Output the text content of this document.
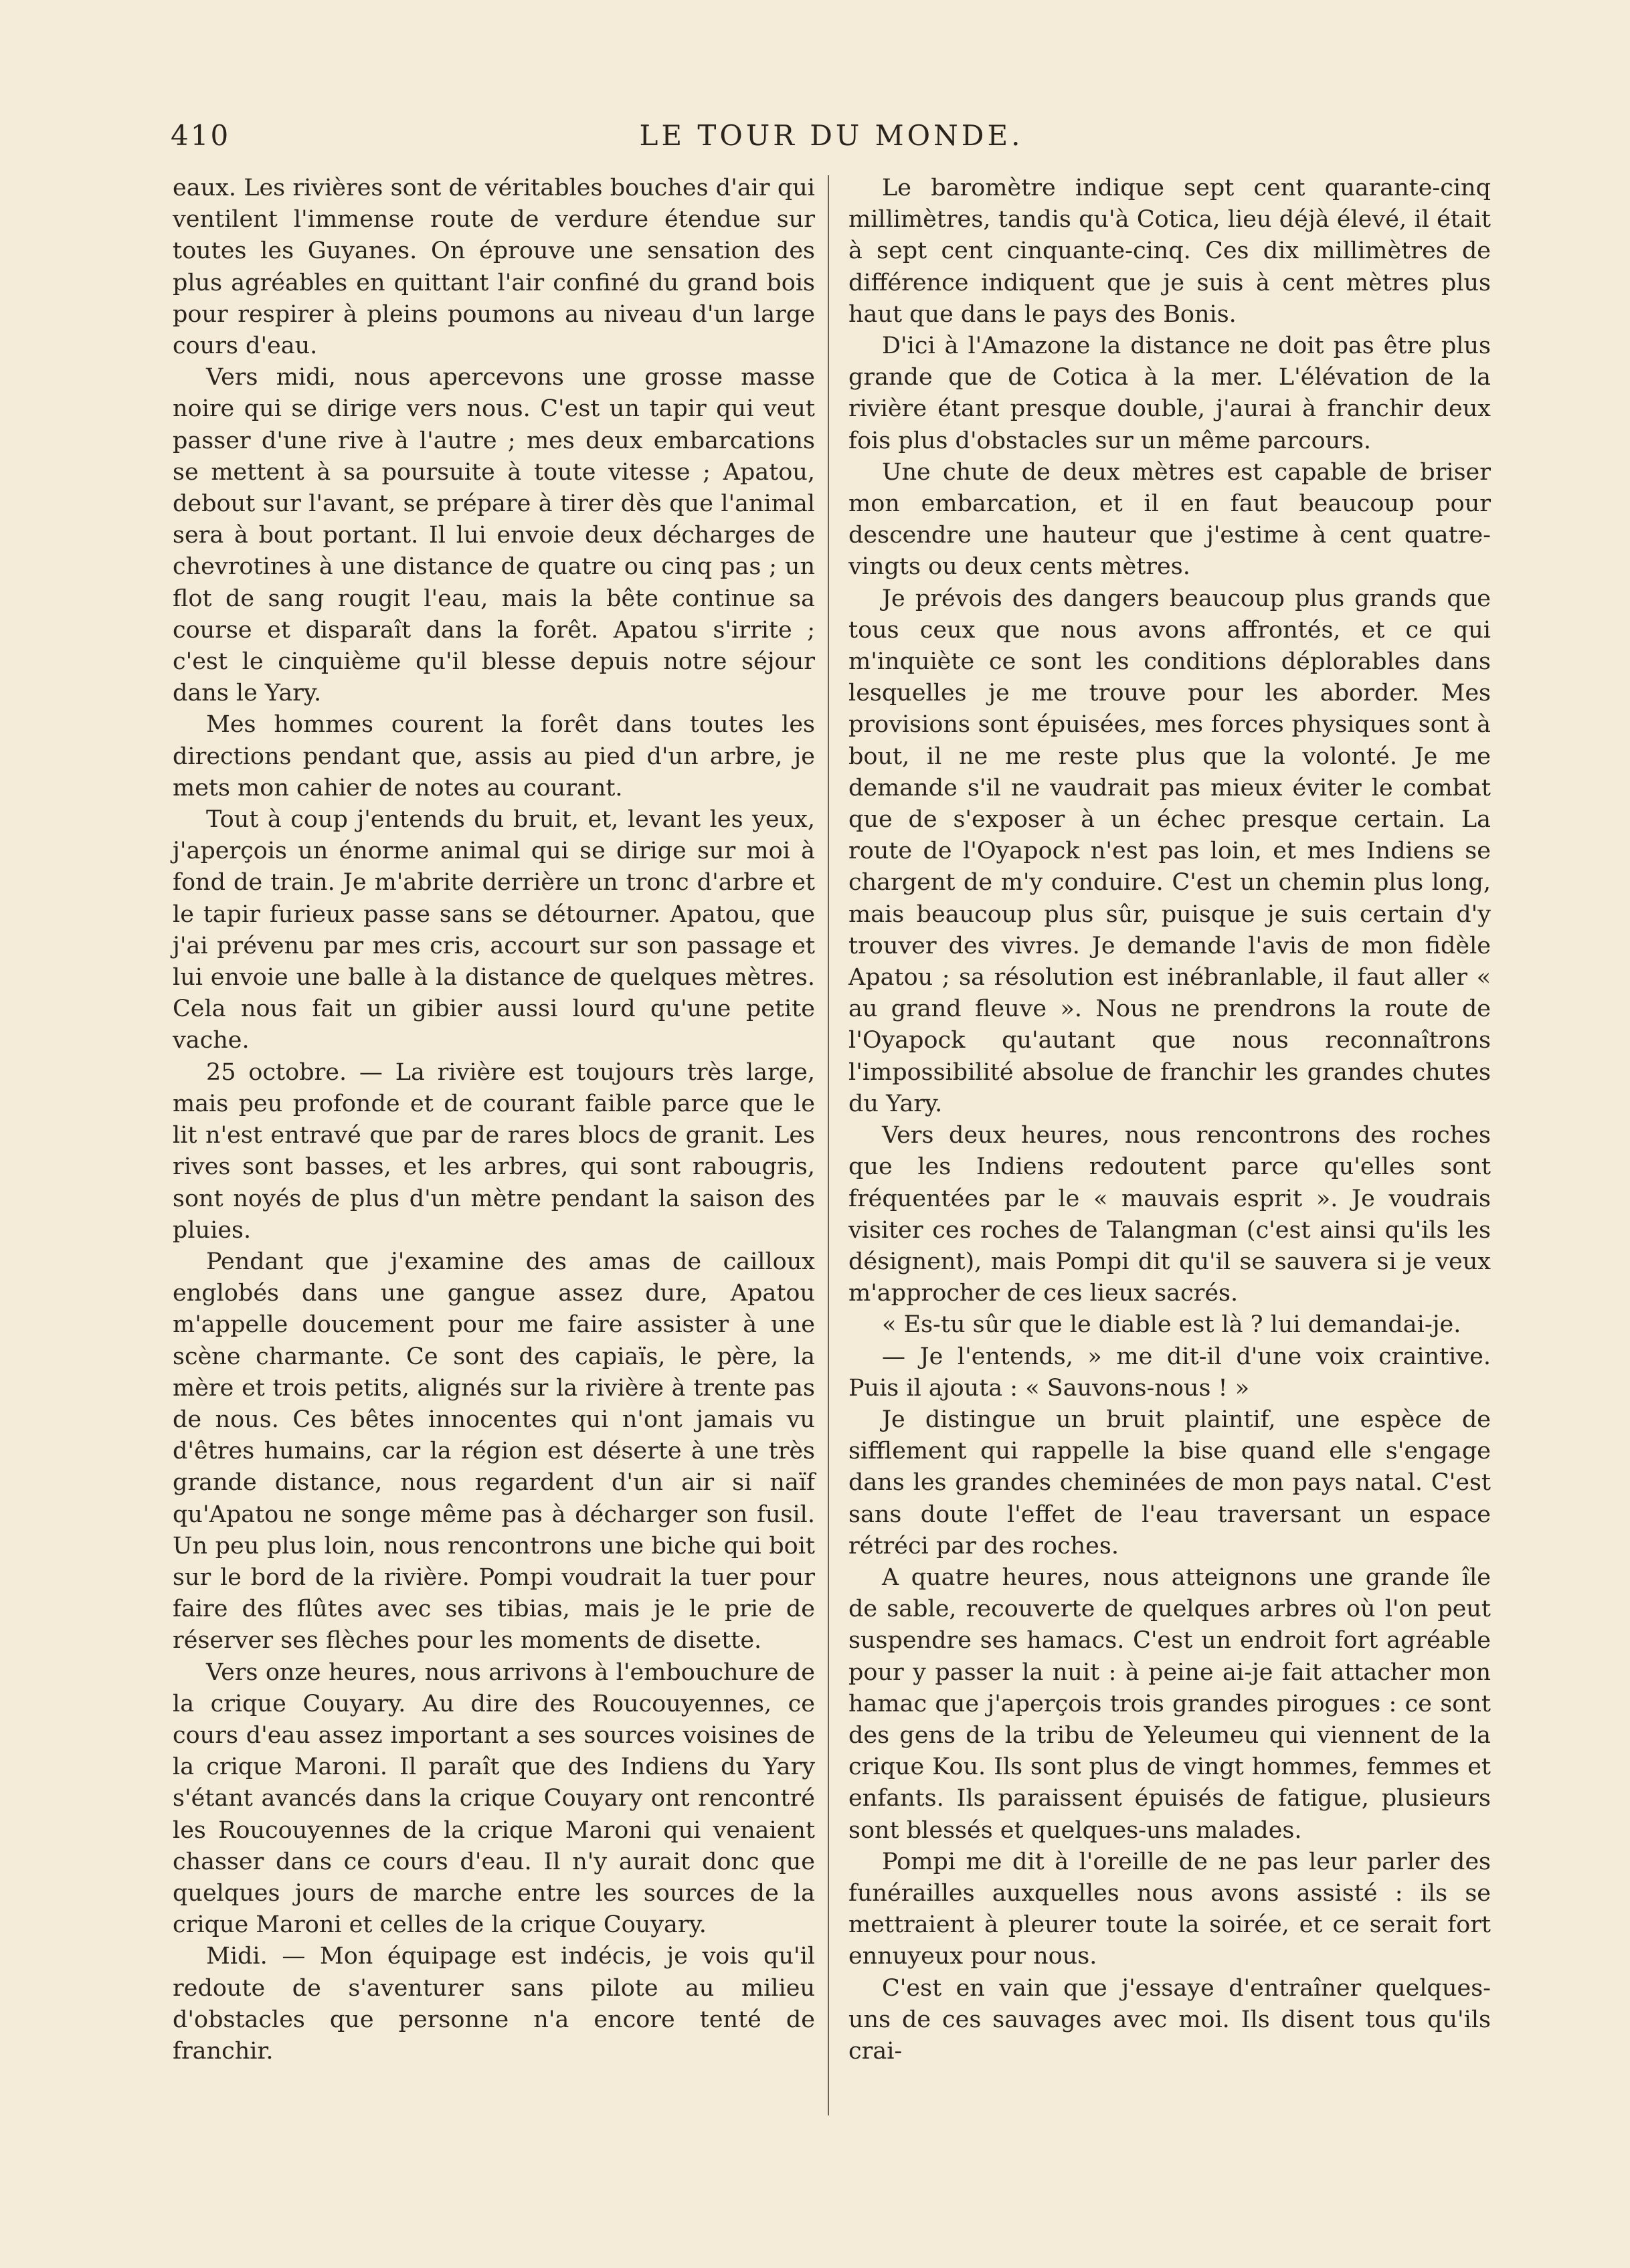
410	LE TOUR DU MONDE.

eaux. Les rivières sont de véritables bouches d'air qui ventilent l'immense route de verdure étendue sur toutes les Guyanes. On éprouve une sensation des plus agréables en quittant l'air confiné du grand bois pour respirer à pleins poumons au niveau d'un large cours d'eau.

Vers midi, nous apercevons une grosse masse noire qui se dirige vers nous. C'est un tapir qui veut passer d'une rive à l'autre ; mes deux embarcations se mettent à sa poursuite à toute vitesse ; Apatou, debout sur l'avant, se prépare à tirer dès que l'animal sera à bout portant. Il lui envoie deux décharges de chevrotines à une distance de quatre ou cinq pas ; un flot de sang rougit l'eau, mais la bête continue sa course et disparaît dans la forêt. Apatou s'irrite ; c'est le cinquième qu'il blesse depuis notre séjour dans le Yary.

Mes hommes courent la forêt dans toutes les directions pendant que, assis au pied d'un arbre, je mets mon cahier de notes au courant.

Tout à coup j'entends du bruit, et, levant les yeux, j'aperçois un énorme animal qui se dirige sur moi à fond de train. Je m'abrite derrière un tronc d'arbre et le tapir furieux passe sans se détourner. Apatou, que j'ai prévenu par mes cris, accourt sur son passage et lui envoie une balle à la distance de quelques mètres. Cela nous fait un gibier aussi lourd qu'une petite vache.

25 octobre. — La rivière est toujours très large, mais peu profonde et de courant faible parce que le lit n'est entravé que par de rares blocs de granit. Les rives sont basses, et les arbres, qui sont rabougris, sont noyés de plus d'un mètre pendant la saison des pluies.

Pendant que j'examine des amas de cailloux englobés dans une gangue assez dure, Apatou m'appelle doucement pour me faire assister à une scène charmante. Ce sont des capiaïs, le père, la mère et trois petits, alignés sur la rivière à trente pas de nous. Ces bêtes innocentes qui n'ont jamais vu d'êtres humains, car la région est déserte à une très grande distance, nous regardent d'un air si naïf qu'Apatou ne songe même pas à décharger son fusil. Un peu plus loin, nous rencontrons une biche qui boit sur le bord de la rivière. Pompi voudrait la tuer pour faire des flûtes avec ses tibias, mais je le prie de réserver ses flèches pour les moments de disette.

Vers onze heures, nous arrivons à l'embouchure de la crique Couyary. Au dire des Roucouyennes, ce cours d'eau assez important a ses sources voisines de la crique Maroni. Il paraît que des Indiens du Yary s'étant avancés dans la crique Couyary ont rencontré les Roucouyennes de la crique Maroni qui venaient chasser dans ce cours d'eau. Il n'y aurait donc que quelques jours de marche entre les sources de la crique Maroni et celles de la crique Couyary.

Midi. — Mon équipage est indécis, je vois qu'il redoute de s'aventurer sans pilote au milieu d'obstacles que personne n'a encore tenté de franchir.

Le baromètre indique sept cent quarante-cinq millimètres, tandis qu'à Cotica, lieu déjà élevé, il était à sept cent cinquante-cinq. Ces dix millimètres de différence indiquent que je suis à cent mètres plus haut que dans le pays des Bonis.

D'ici à l'Amazone la distance ne doit pas être plus grande que de Cotica à la mer. L'élévation de la rivière étant presque double, j'aurai à franchir deux fois plus d'obstacles sur un même parcours.

Une chute de deux mètres est capable de briser mon embarcation, et il en faut beaucoup pour descendre une hauteur que j'estime à cent quatre-vingts ou deux cents mètres.

Je prévois des dangers beaucoup plus grands que tous ceux que nous avons affrontés, et ce qui m'inquiète ce sont les conditions déplorables dans lesquelles je me trouve pour les aborder. Mes provisions sont épuisées, mes forces physiques sont à bout, il ne me reste plus que la volonté. Je me demande s'il ne vaudrait pas mieux éviter le combat que de s'exposer à un échec presque certain. La route de l'Oyapock n'est pas loin, et mes Indiens se chargent de m'y conduire. C'est un chemin plus long, mais beaucoup plus sûr, puisque je suis certain d'y trouver des vivres. Je demande l'avis de mon fidèle Apatou ; sa résolution est inébranlable, il faut aller « au grand fleuve ». Nous ne prendrons la route de l'Oyapock qu'autant que nous reconnaîtrons l'impossibilité absolue de franchir les grandes chutes du Yary.

Vers deux heures, nous rencontrons des roches que les Indiens redoutent parce qu'elles sont fréquentées par le « mauvais esprit ». Je voudrais visiter ces roches de Talangman (c'est ainsi qu'ils les désignent), mais Pompi dit qu'il se sauvera si je veux m'approcher de ces lieux sacrés.

« Es-tu sûr que le diable est là ? lui demandai-je.

— Je l'entends, » me dit-il d'une voix craintive. Puis il ajouta : « Sauvons-nous ! »

Je distingue un bruit plaintif, une espèce de sifflement qui rappelle la bise quand elle s'engage dans les grandes cheminées de mon pays natal. C'est sans doute l'effet de l'eau traversant un espace rétréci par des roches.

A quatre heures, nous atteignons une grande île de sable, recouverte de quelques arbres où l'on peut suspendre ses hamacs. C'est un endroit fort agréable pour y passer la nuit : à peine ai-je fait attacher mon hamac que j'aperçois trois grandes pirogues : ce sont des gens de la tribu de Yeleumeu qui viennent de la crique Kou. Ils sont plus de vingt hommes, femmes et enfants. Ils paraissent épuisés de fatigue, plusieurs sont blessés et quelques-uns malades.

Pompi me dit à l'oreille de ne pas leur parler des funérailles auxquelles nous avons assisté : ils se mettraient à pleurer toute la soirée, et ce serait fort ennuyeux pour nous.

C'est en vain que j'essaye d'entraîner quelques-uns de ces sauvages avec moi. Ils disent tous qu'ils crai-
